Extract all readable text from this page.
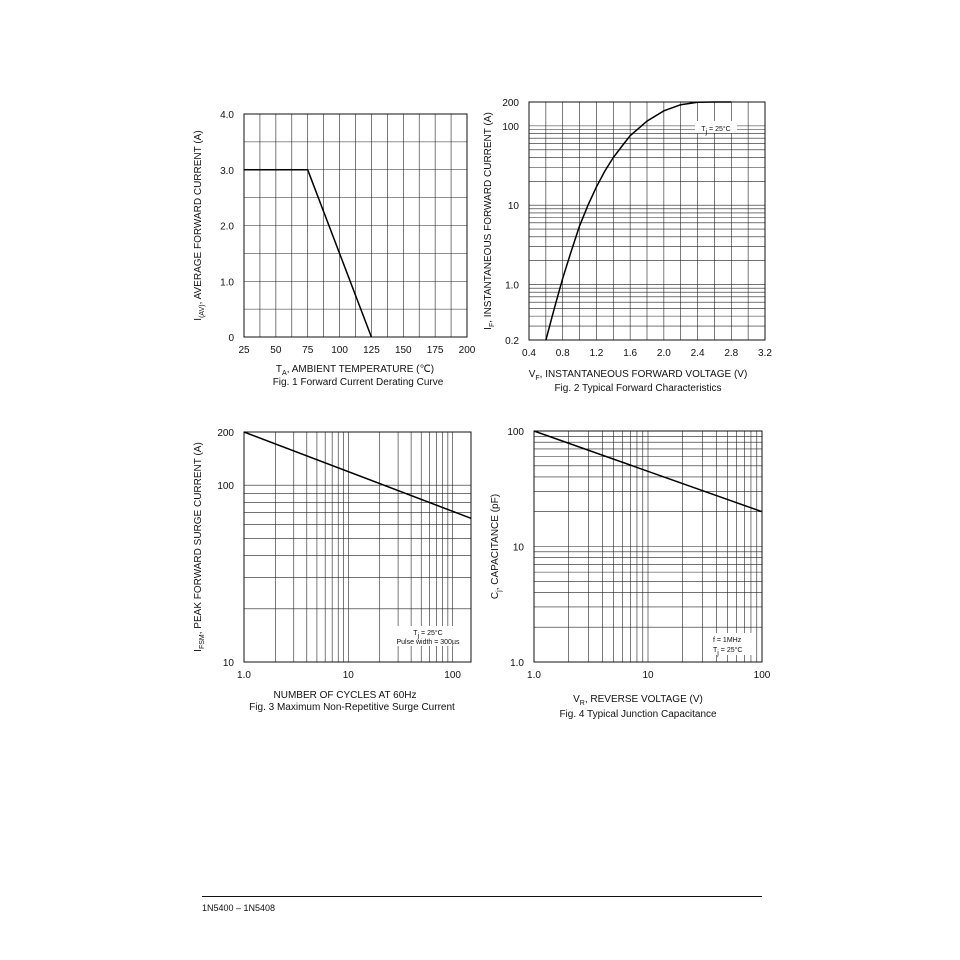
25 50 75 100 125 150 175 200
0
1.0
2.0
3.0
4.0
$T_A$, AMBIENT TEMPERATURE (℃)
$I_{(AV)}$, AVERAGE FORWARD CURRENT (A)
Fig. 1 Forward Current Derating Curve
0.4 0.8 1.2 1.6 2.0 2.4 2.8 3.2
0.2
1.0
10
100
200
$V_F$, INSTANTANEOUS FORWARD VOLTAGE (V)
$I_F$, INSTANTANEOUS FORWARD CURRENT (A)
Fig. 2 Typical Forward Characteristics
1.0	10	100
10
100
200
NUMBER OF CYCLES AT 60Hz
$I_{FSM}$, PEAK FORWARD SURGE CURRENT (A)
Fig. 3 Maximum Non-Repetitive Surge Current
1.0	10	100
1.0
10
100
$V_R$, REVERSE VOLTAGE (V)
$C_j$, CAPACITANCE (pF)
Fig. 4 Typical Junction Capacitance
Tj = 25°C
Tj = 25°C
Pulse width = 300µs	f = 1MHz
Tj = 25°C
1N5400 – 1N5408
